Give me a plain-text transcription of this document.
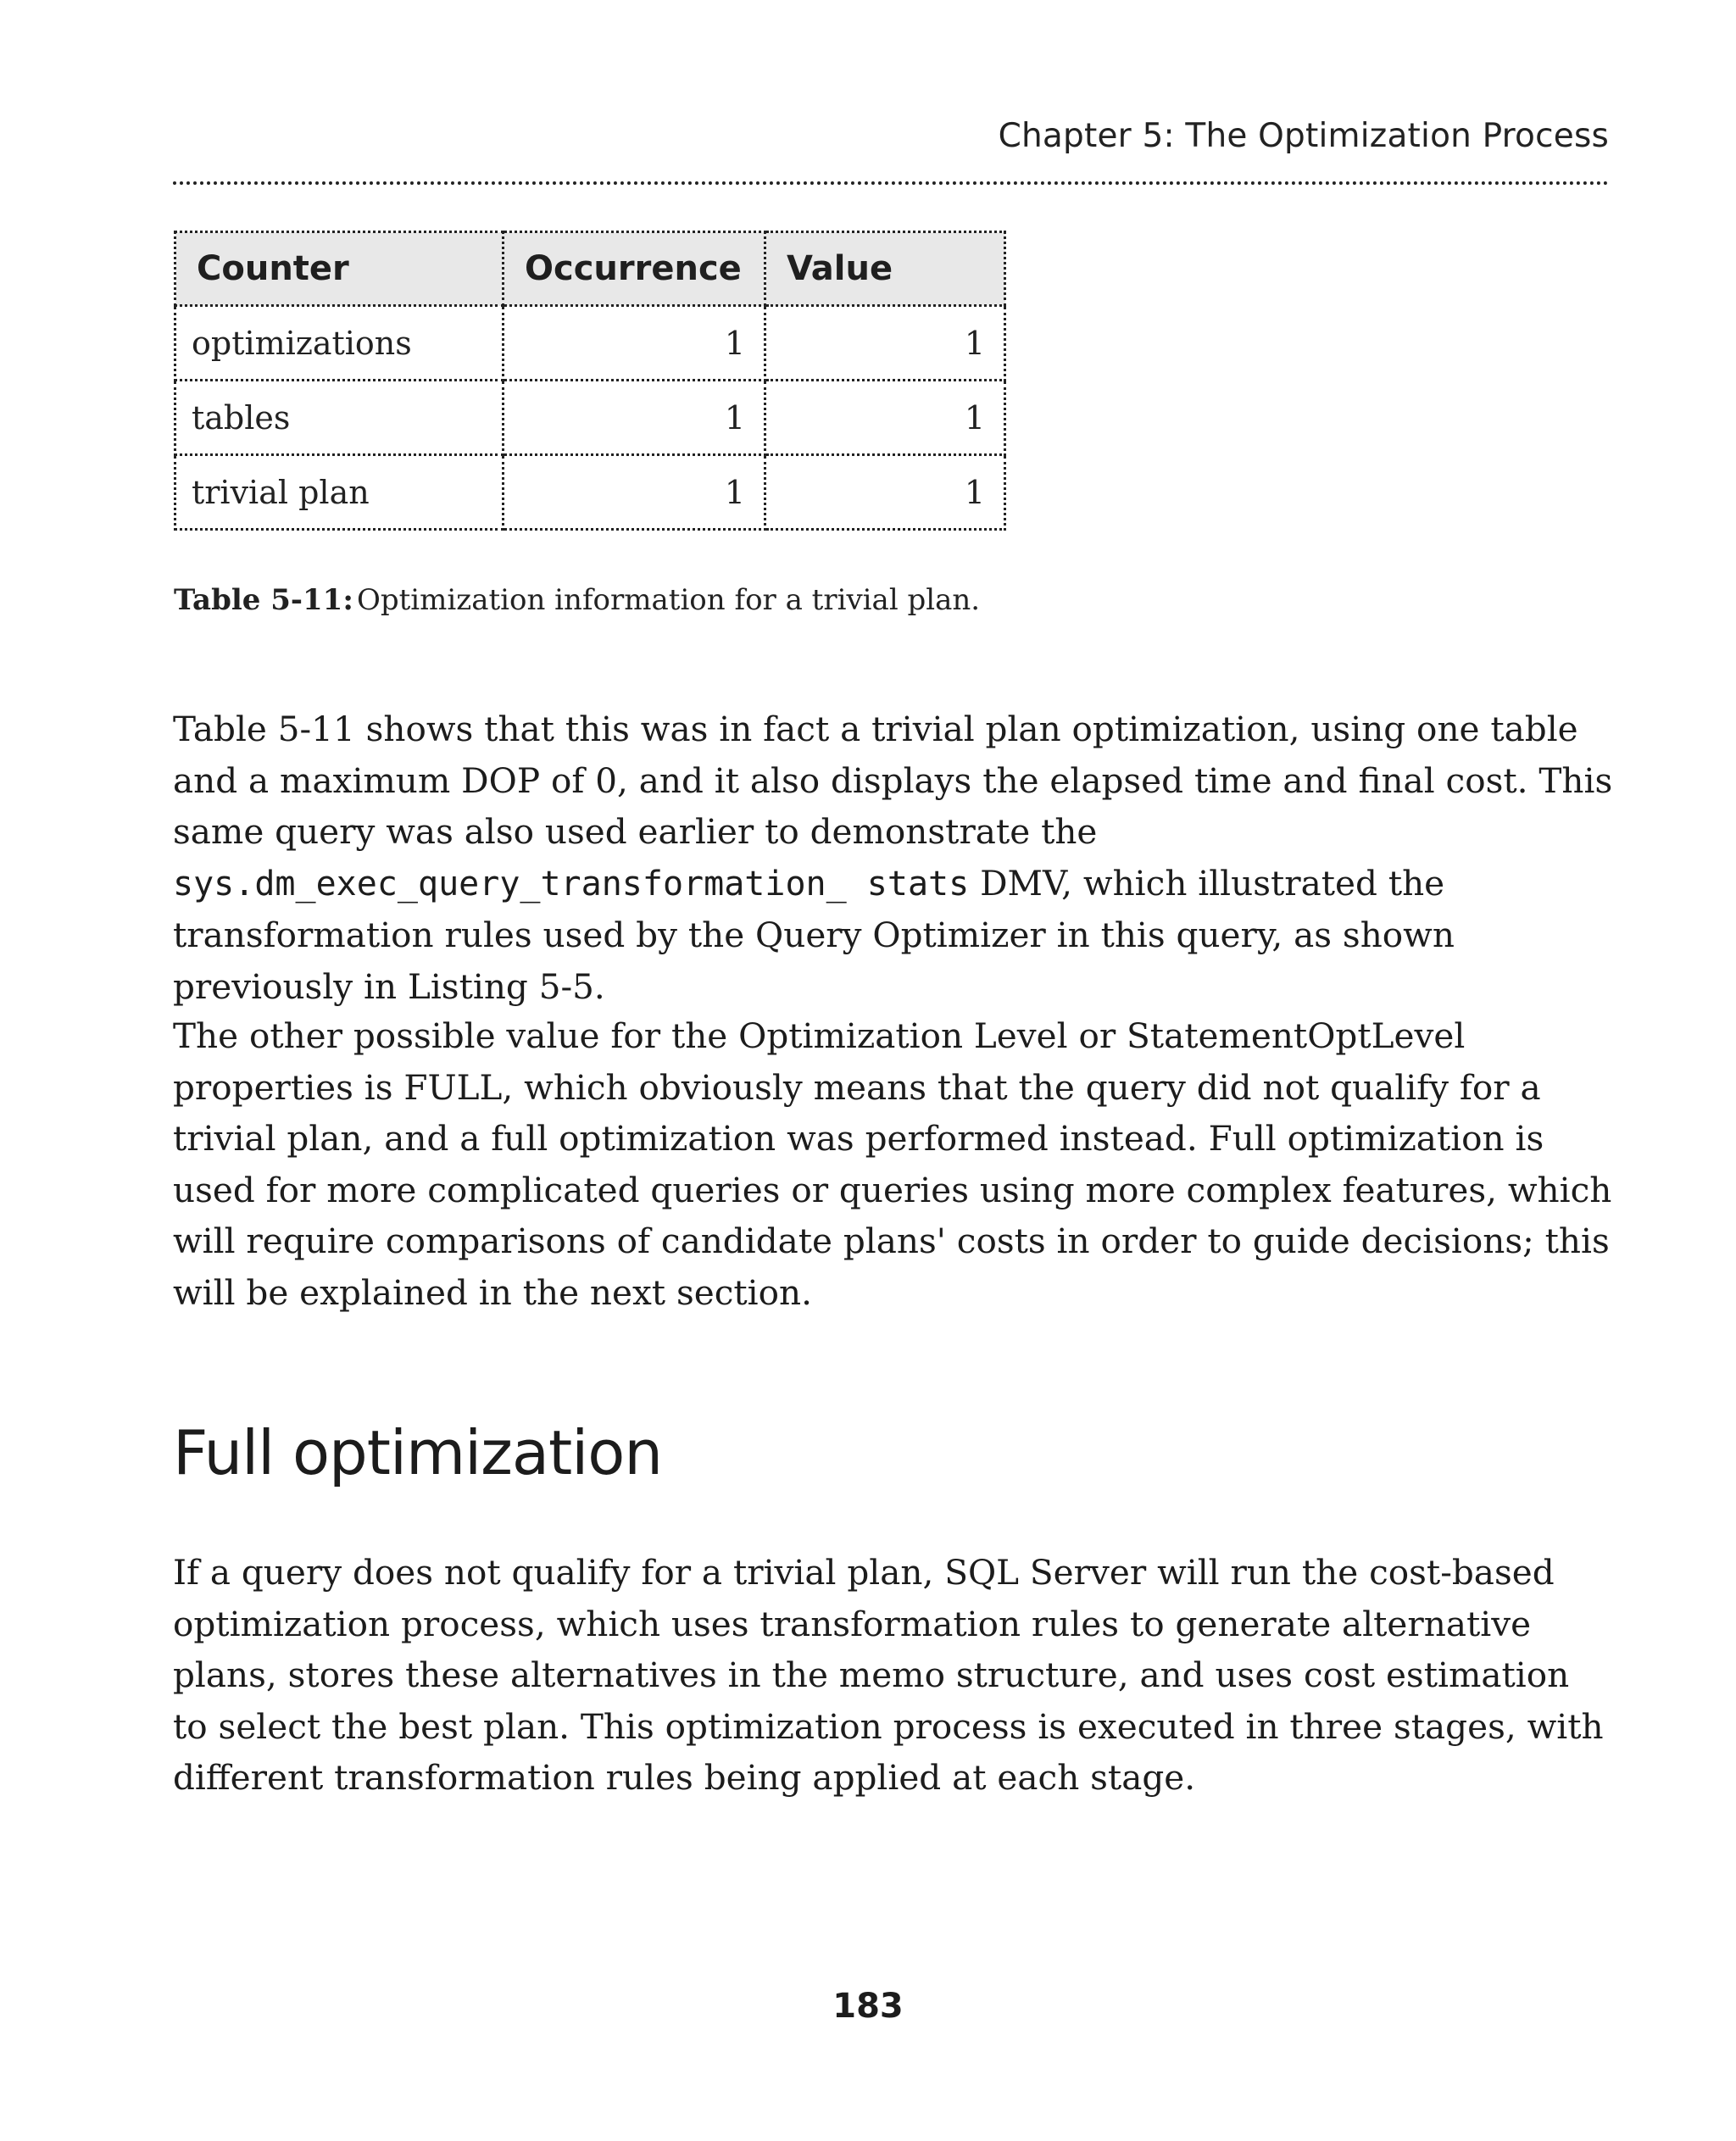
Chapter 5: The Optimization Process
Counter	Occurrence	Value
optimizations	1	1
tables	1	1
trivial plan	1	1
Table 5-11: Optimization information for a trivial plan.

Table 5-11 shows that this was in fact a trivial plan optimization, using one table and a maximum DOP of 0, and it also displays the elapsed time and final cost. This same query was also used earlier to demonstrate the sys.dm_exec_query_transformation_ stats DMV, which illustrated the transformation rules used by the Query Optimizer in this query, as shown previously in Listing 5-5.

The other possible value for the Optimization Level or StatementOptLevel properties is FULL, which obviously means that the query did not qualify for a trivial plan, and a full optimization was performed instead. Full optimization is used for more complicated queries or queries using more complex features, which will require comparisons of candidate plans' costs in order to guide decisions; this will be explained in the next section.

Full optimization

If a query does not qualify for a trivial plan, SQL Server will run the cost-based optimization process, which uses transformation rules to generate alternative plans, stores these alternatives in the memo structure, and uses cost estimation to select the best plan. This optimization process is executed in three stages, with different transformation rules being applied at each stage.

183
